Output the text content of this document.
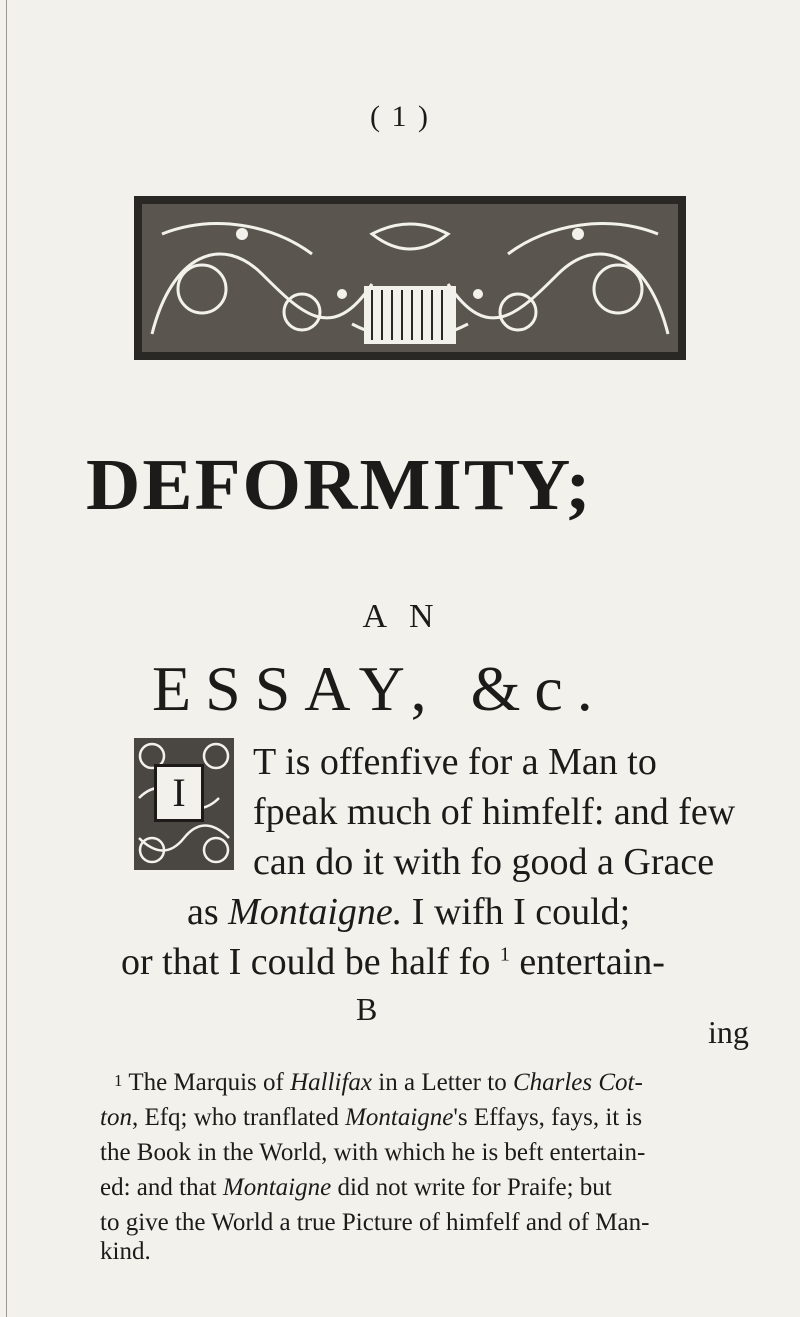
( 1 )
DEFORMITY;
AN
ESSAY, &c.
I
T is offenfive for a Man to
fpeak much of himfelf: and few
can do it with fo good a Grace
as Montaigne. I wifh I could;
or that I could be half fo $^1$ entertain-
B
ing
$^1$ The Marquis of Hallifax in a Letter to Charles Cot-
ton, Efq; who tranflated Montaigne's Effays, fays, it is
the Book in the World, with which he is beft entertain-
ed: and that Montaigne did not write for Praife; but
to give the World a true Picture of himfelf and of Man-
kind.
